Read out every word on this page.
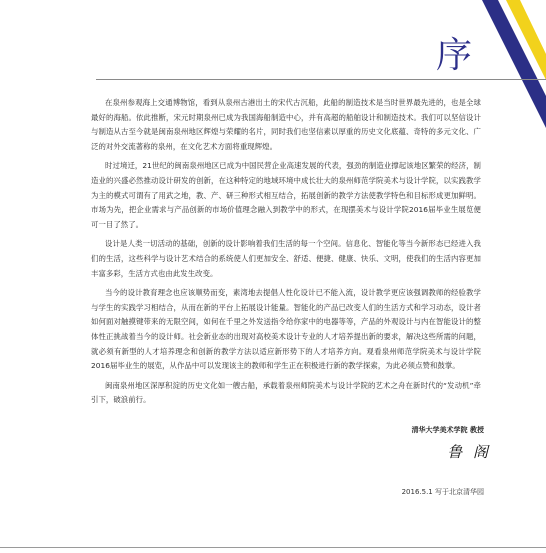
序

在泉州参观海上交通博物馆，看到从泉州古港出土的宋代古沉船，此船的制造技术是当时世界最先进的，也是全球最好的海船。依此推断，宋元时期泉州已成为我国海船制造中心，并有高超的船舶设计和制造技术。我们可以坚信设计与制造从古至今就是闽南泉州地区辉煌与荣耀的名片，同时我们也坚信素以厚重的历史文化底蕴、奇特的多元文化、广泛的对外交流著称的泉州，在文化艺术方面将重现辉煌。

时过境迁，21世纪的闽南泉州地区已成为中国民营企业高速发展的代表，强劲的制造业撑起该地区繁荣的经济，制造业的兴盛必然推动设计研发的创新，在这种特定的地域环境中成长壮大的泉州师范学院美术与设计学院，以实践教学为主的模式可谓有了用武之地，教、产、研三种形式相互结合，拓展创新的教学方法使教学特色和目标形成更加鲜明。市场为先，把企业需求与产品创新的市场价值理念融入到教学中的形式，在现摆美术与设计学院2016届毕业生展览便可一目了然了。

设计是人类一切活动的基础，创新的设计影响着我们生活的每一个空间。信息化、智能化等当今新形态已经进入我们的生活，这些科学与设计艺术结合的系统使人们更加安全、舒适、便捷、健康、快乐、文明，使我们的生活内容更加丰富多彩，生活方式也由此发生改变。

当今的设计教育理念也应该顺势而变，素湾地去提倡人性化设计已不能入流，设计教学更应该强调教师的经验教学与学生的实践学习相结合，从而在新的平台上拓展设计能量。智能化的产品已改变人们的生活方式和学习动态，设计者如何面对触摸键带来的无限空间，如何在千里之外发送指令给你家中的电器等等，产品的外观设计与内在智能设计的整体性正挑战着当今的设计师。社会新业态的出现对高校美术设计专业的人才培养提出新的要求，解决这些所需的问题，就必须有新型的人才培养理念和创新的教学方法以适应新形势下的人才培养方向。观看泉州师范学院美术与设计学院2016届毕业生的展览，从作品中可以发现该主的教师和学生正在积极进行新的教学探索，为此必须点赞和鼓掌。

闽南泉州地区深厚积淀的历史文化如一艘古船，承载着泉州师院美术与设计学院的艺术之舟在新时代的“发动机”牵引下，破浪前行。

清华大学美术学院 教授
鲁 阁
2016.5.1 写于北京清华园
